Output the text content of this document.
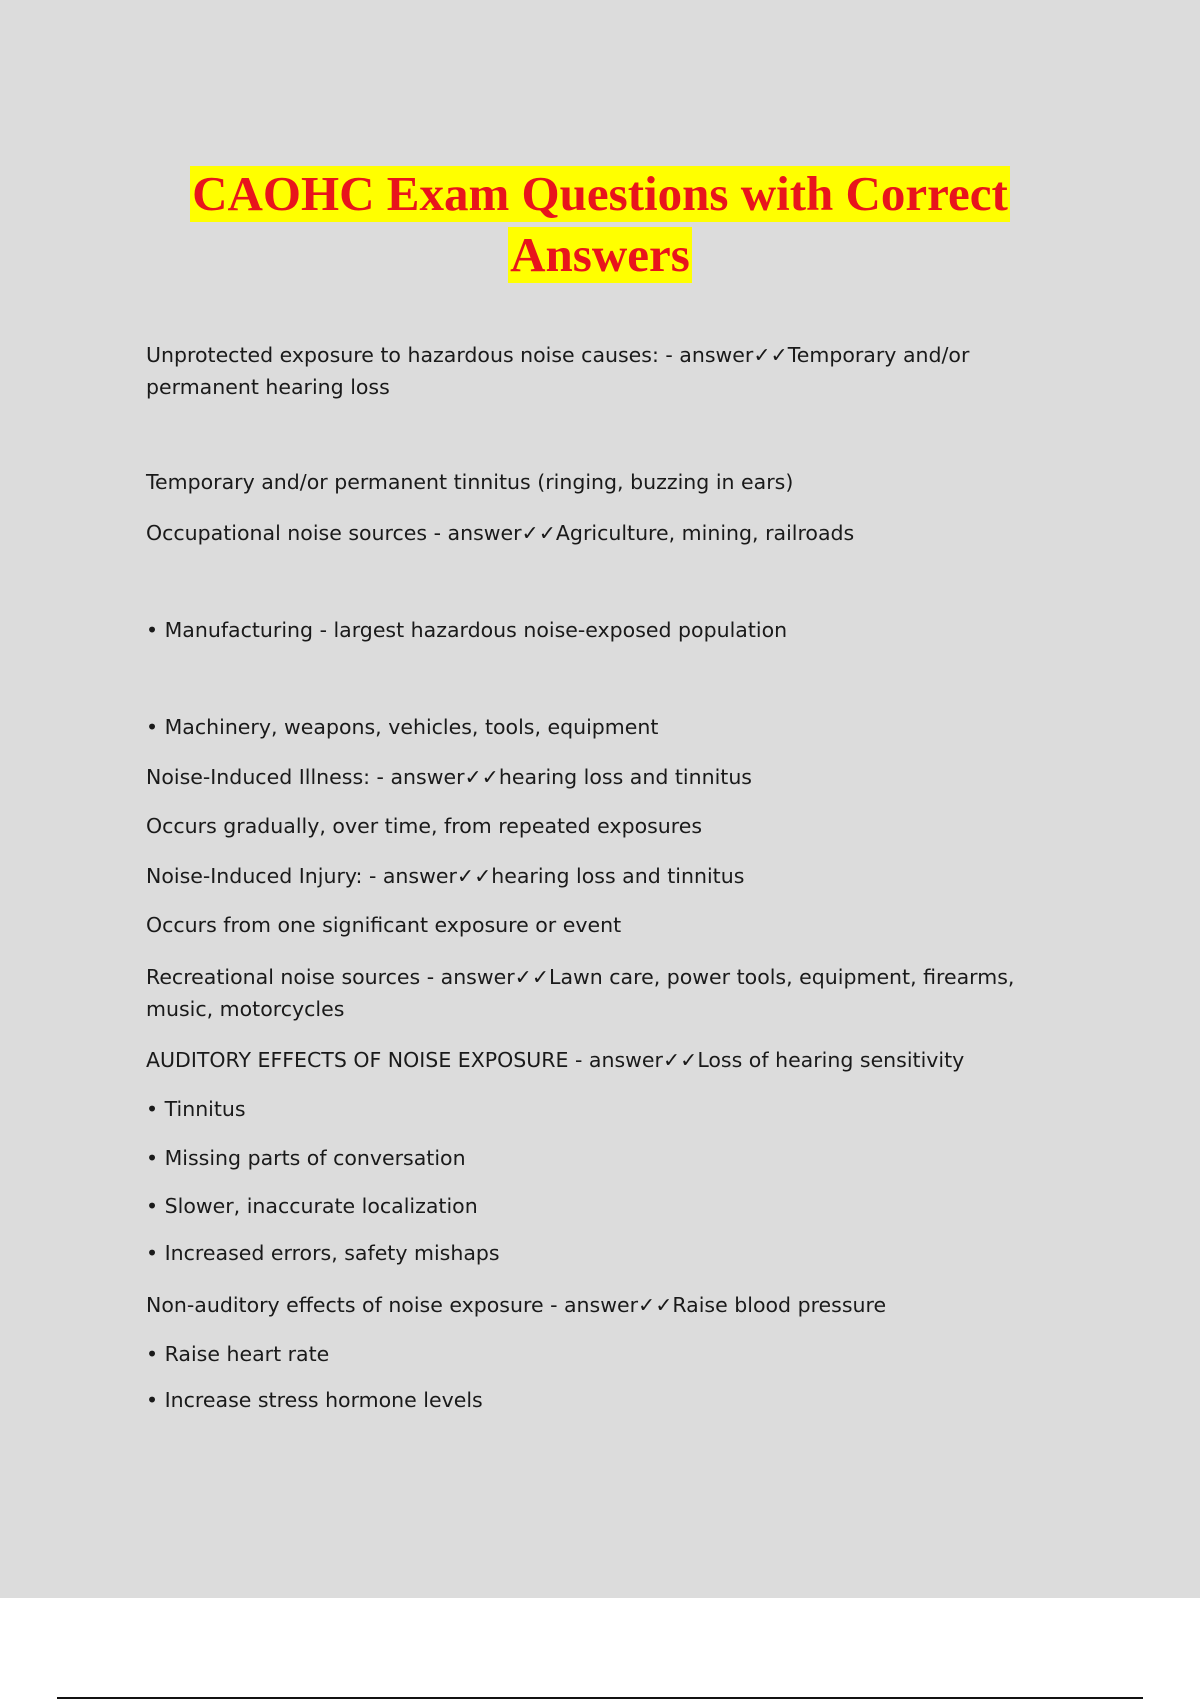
CAOHC Exam Questions with Correct
Answers
Unprotected exposure to hazardous noise causes: - answer✓✓Temporary and/or permanent hearing loss
Temporary and/or permanent tinnitus (ringing, buzzing in ears)
Occupational noise sources - answer✓✓Agriculture, mining, railroads
• Manufacturing - largest hazardous noise-exposed population
• Machinery, weapons, vehicles, tools, equipment
Noise-Induced Illness: - answer✓✓hearing loss and tinnitus
Occurs gradually, over time, from repeated exposures
Noise-Induced Injury: - answer✓✓hearing loss and tinnitus
Occurs from one significant exposure or event
Recreational noise sources - answer✓✓Lawn care, power tools, equipment, firearms, music, motorcycles
AUDITORY EFFECTS OF NOISE EXPOSURE - answer✓✓Loss of hearing sensitivity
• Tinnitus
• Missing parts of conversation
• Slower, inaccurate localization
• Increased errors, safety mishaps
Non-auditory effects of noise exposure - answer✓✓Raise blood pressure
• Raise heart rate
• Increase stress hormone levels
